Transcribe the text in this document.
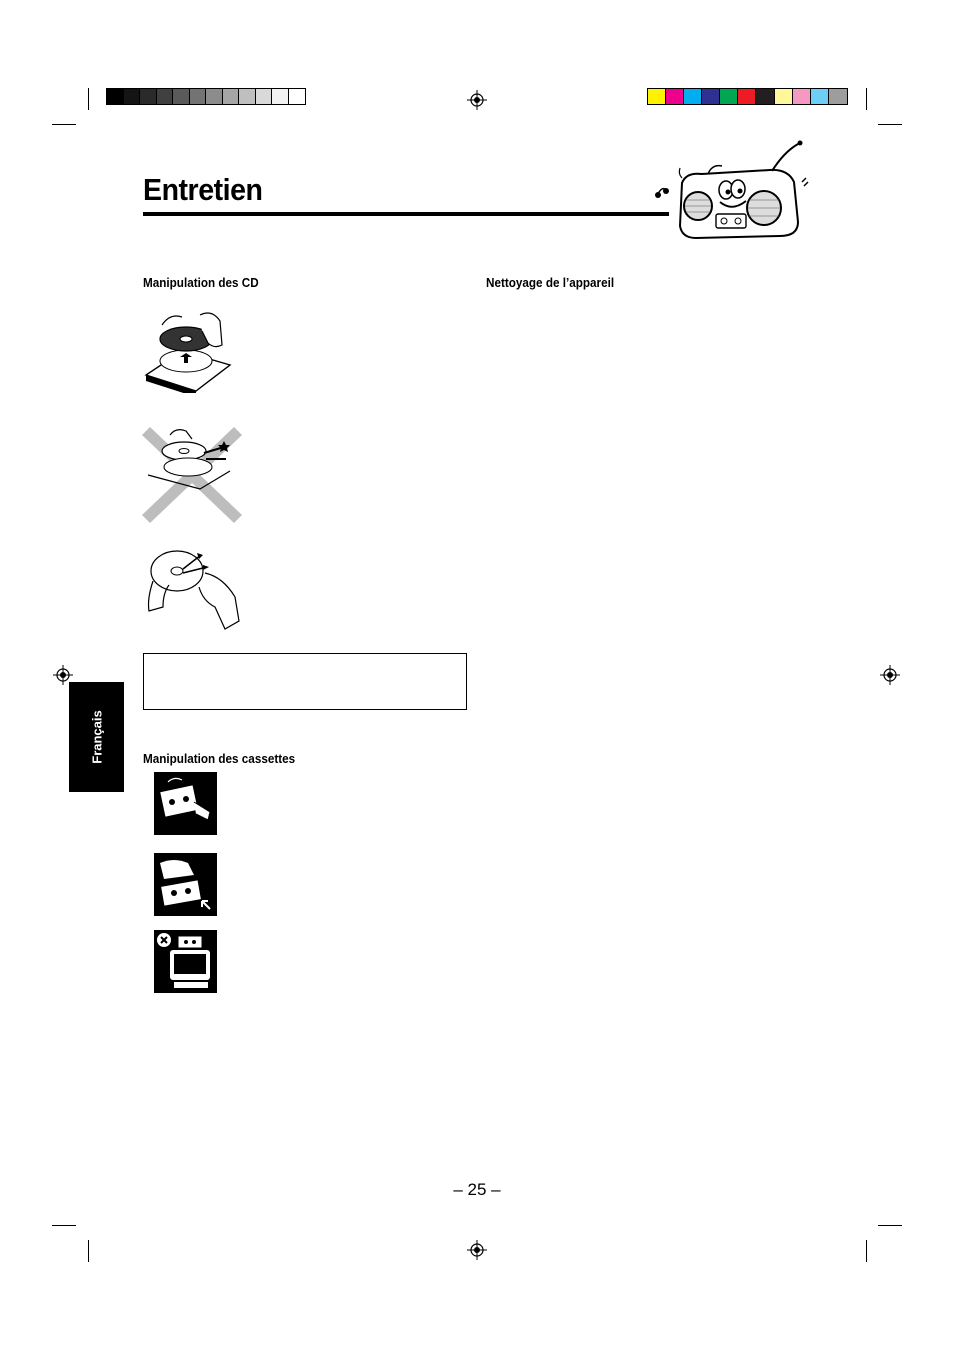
Entretien
Manipulation des CD	Nettoyage de l’appareil
Manipulation des cassettes
Français
– 25 –
